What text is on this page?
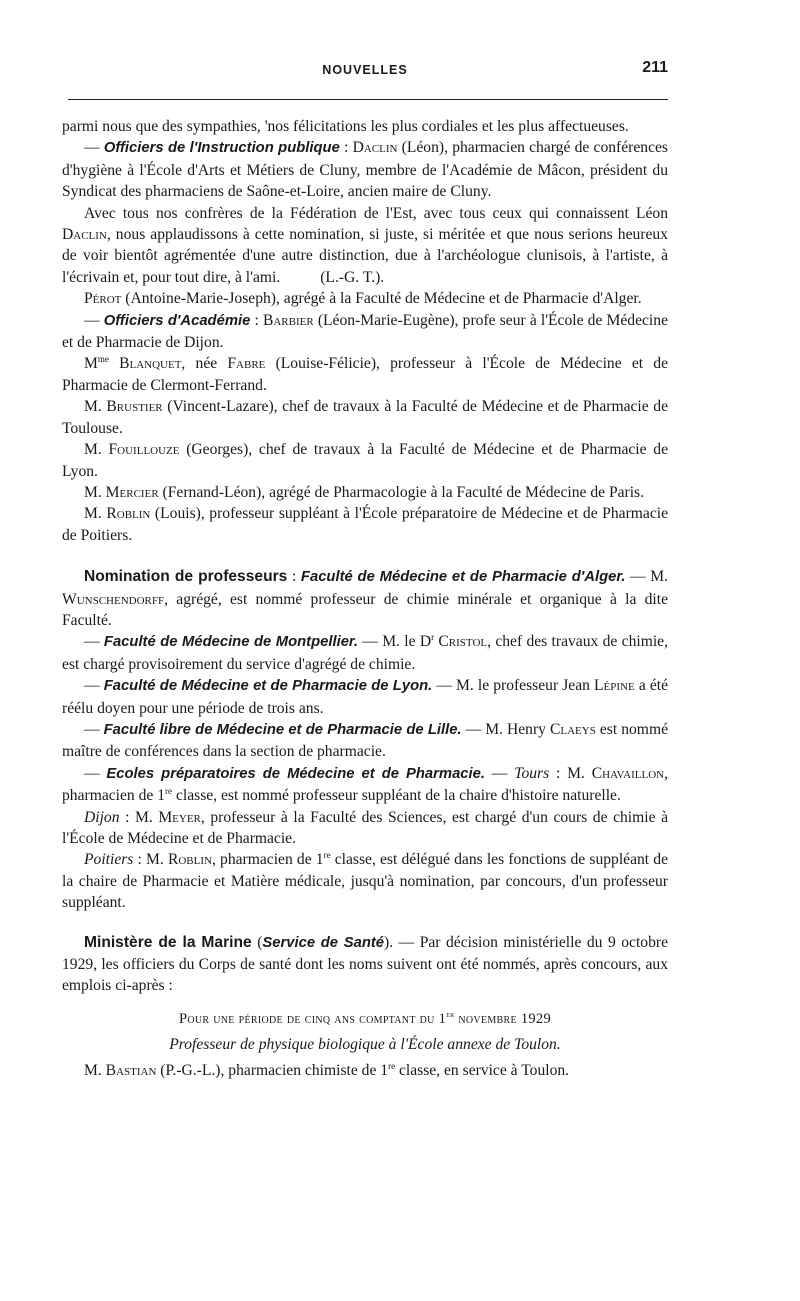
NOUVELLES	211

parmi nous que des sympathies, 'nos félicitations les plus cordiales et les plus affectueuses.

— Officiers de l'Instruction publique : Daclin (Léon), pharmacien chargé de conférences d'hygiène à l'École d'Arts et Métiers de Cluny, membre de l'Académie de Mâcon, président du Syndicat des pharmaciens de Saône-et-Loire, ancien maire de Cluny.

Avec tous nos confrères de la Fédération de l'Est, avec tous ceux qui connaissent Léon Daclin, nous applaudissons à cette nomination, si juste, si méritée et que nous serions heureux de voir bientôt agrémentée d'une autre distinction, due à l'archéologue clunisois, à l'artiste, à l'écrivain et, pour tout dire, à l'ami.	(L.-G. T.).

Pérot (Antoine-Marie-Joseph), agrégé à la Faculté de Médecine et de Pharmacie d'Alger.

— Officiers d'Académie : Barbier (Léon-Marie-Eugène), profe seur à l'École de Médecine et de Pharmacie de Dijon.

$M^{me}$ Blanquet, née Fabre (Louise-Félicie), professeur à l'École de Médecine et de Pharmacie de Clermont-Ferrand.

M. Brustier (Vincent-Lazare), chef de travaux à la Faculté de Médecine et de Pharmacie de Toulouse.

M. Fouillouze (Georges), chef de travaux à la Faculté de Médecine et de Pharmacie de Lyon.

M. Mercier (Fernand-Léon), agrégé de Pharmacologie à la Faculté de Médecine de Paris.

M. Roblin (Louis), professeur suppléant à l'École préparatoire de Médecine et de Pharmacie de Poitiers.

Nomination de professeurs : Faculté de Médecine et de Pharmacie d'Alger. — M. Wunschendorff, agrégé, est nommé professeur de chimie minérale et organique à la dite Faculté.

— Faculté de Médecine de Montpellier. — M. le $D^r$ Cristol, chef des travaux de chimie, est chargé provisoirement du service d'agrégé de chimie.

— Faculté de Médecine et de Pharmacie de Lyon. — M. le professeur Jean Lépine a été réélu doyen pour une période de trois ans.

— Faculté libre de Médecine et de Pharmacie de Lille. — M. Henry Claeys est nommé maître de conférences dans la section de pharmacie.

— Ecoles préparatoires de Médecine et de Pharmacie. — Tours : M. Chavaillon, pharmacien de 1re classe, est nommé professeur suppléant de la chaire d'histoire naturelle.

Dijon : M. Meyer, professeur à la Faculté des Sciences, est chargé d'un cours de chimie à l'École de Médecine et de Pharmacie.

Poitiers : M. Roblin, pharmacien de 1re classe, est délégué dans les fonctions de suppléant de la chaire de Pharmacie et Matière médicale, jusqu'à nomination, par concours, d'un professeur suppléant.

Ministère de la Marine (Service de Santé). — Par décision ministérielle du 9 octobre 1929, les officiers du Corps de santé dont les noms suivent ont été nommés, après concours, aux emplois ci-après :

Pour une période de cinq ans comptant du 1er novembre 1929

Professeur de physique biologique à l'École annexe de Toulon.

M. Bastian (P.-G.-L.), pharmacien chimiste de 1re classe, en service à Toulon.
